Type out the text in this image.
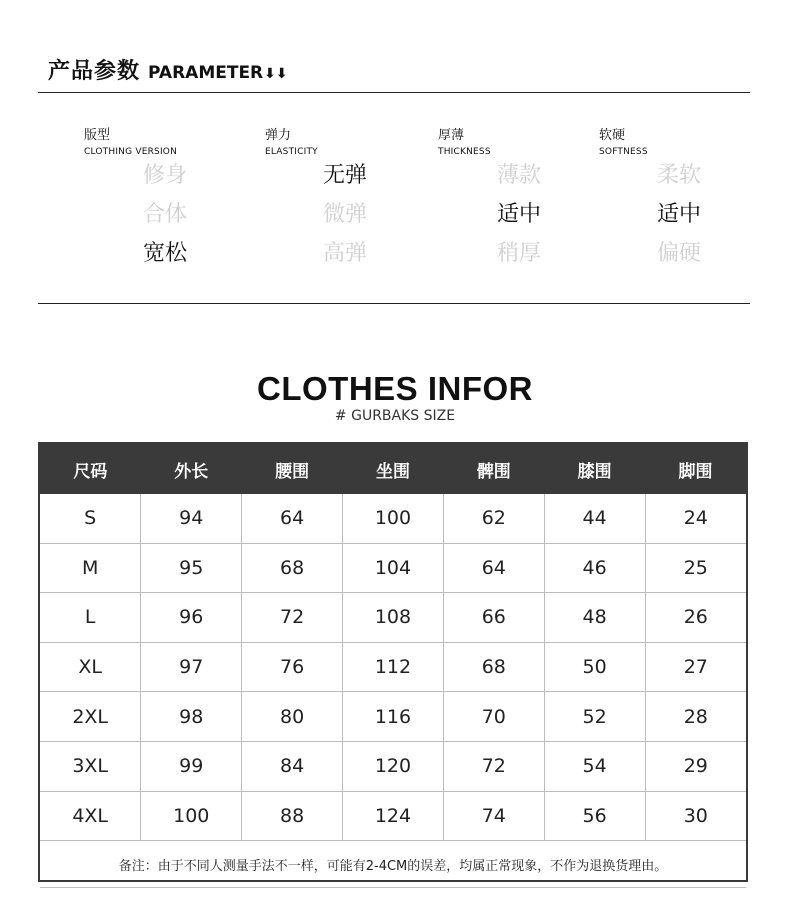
产品参数 PARAMETER ⬇⬇
版型
CLOTHING VERSION
修身
合体
宽松
弹力
ELASTICITY
无弹
微弹
高弹
厚薄
THICKNESS
薄款
适中
稍厚
软硬
SOFTNESS
柔软
适中
偏硬
CLOTHES INFOR
# GURBAKS SIZE
尺码	外长	腰围	坐围	髀围	膝围	脚围
S	94	64	100	62	44	24
M	95	68	104	64	46	25
L	96	72	108	66	48	26
XL	97	76	112	68	50	27
2XL	98	80	116	70	52	28
3XL	99	84	120	72	54	29
4XL	100	88	124	74	56	30
备注：由于不同人测量手法不一样，可能有2-4CM的误差，均属正常现象，不作为退换货理由。						
